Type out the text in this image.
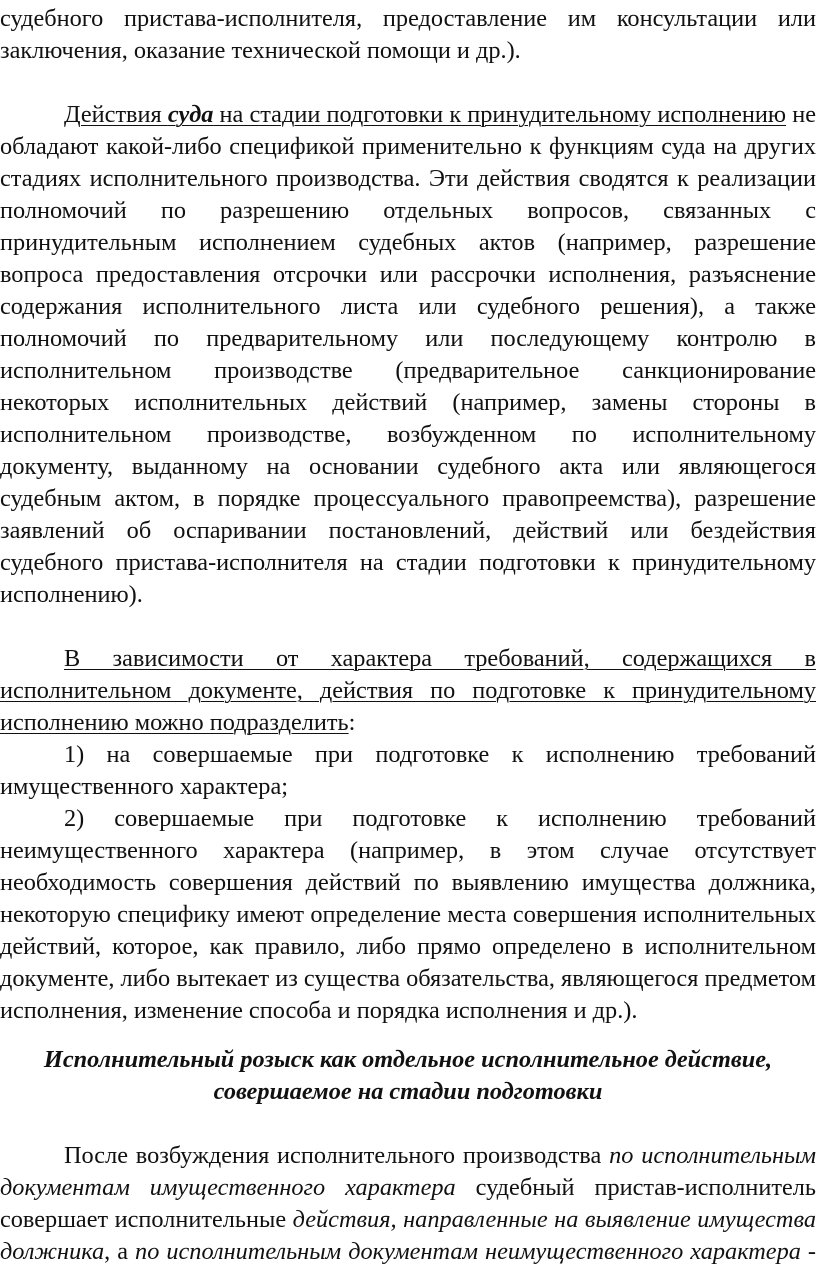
судебного пристава-исполнителя, предоставление им консультации или
заключения, оказание технической помощи и др.).
Действия суда на стадии подготовки к принудительному исполнению не
обладают какой-либо спецификой применительно к функциям суда на других
стадиях исполнительного производства. Эти действия сводятся к реализации
полномочий по разрешению отдельных вопросов, связанных с
принудительным исполнением судебных актов (например, разрешение
вопроса предоставления отсрочки или рассрочки исполнения, разъяснение
содержания исполнительного листа или судебного решения), а также
полномочий по предварительному или последующему контролю в
исполнительном производстве (предварительное санкционирование
некоторых исполнительных действий (например, замены стороны в
исполнительном производстве, возбужденном по исполнительному
документу, выданному на основании судебного акта или являющегося
судебным актом, в порядке процессуального правопреемства), разрешение
заявлений об оспаривании постановлений, действий или бездействия
судебного пристава-исполнителя на стадии подготовки к принудительному
исполнению).
В зависимости от характера требований, содержащихся в
исполнительном документе, действия по подготовке к принудительному
исполнению можно подразделить:
1) на совершаемые при подготовке к исполнению требований
имущественного характера;
2) совершаемые при подготовке к исполнению требований
неимущественного характера (например, в этом случае отсутствует
необходимость совершения действий по выявлению имущества должника,
некоторую специфику имеют определение места совершения исполнительных
действий, которое, как правило, либо прямо определено в исполнительном
документе, либо вытекает из существа обязательства, являющегося предметом
исполнения, изменение способа и порядка исполнения и др.).
Исполнительный розыск как отдельное исполнительное действие,
совершаемое на стадии подготовки
После возбуждения исполнительного производства по исполнительным
документам имущественного характера судебный пристав-исполнитель
совершает исполнительные действия, направленные на выявление имущества
должника, а по исполнительным документам неимущественного характера -
